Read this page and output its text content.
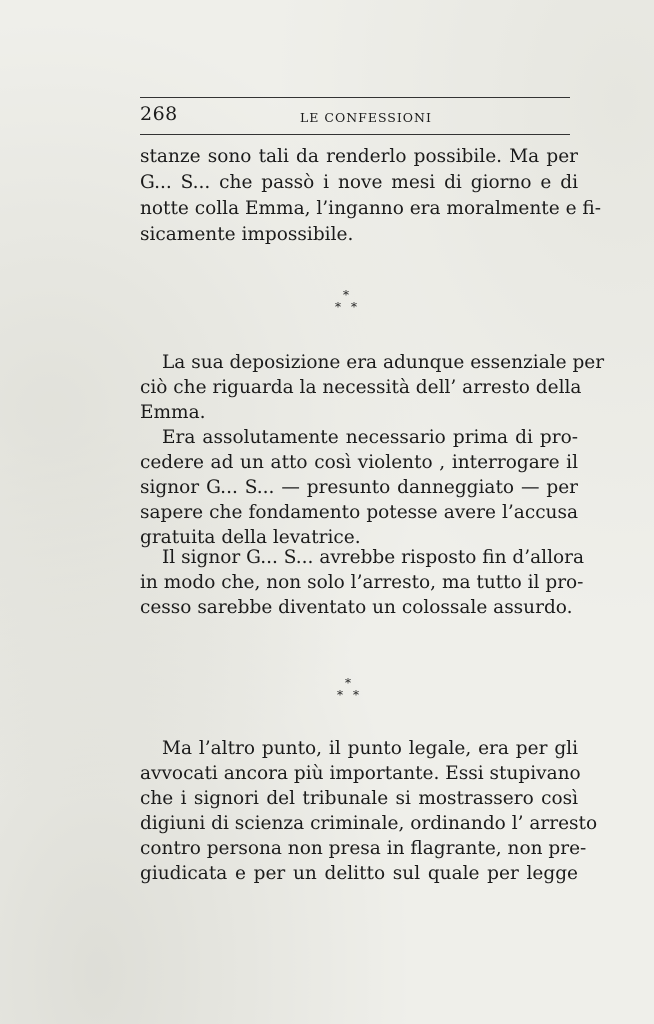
268	LE CONFESSIONI
stanze sono tali da renderlo possibile. Ma per
G... S... che passò i nove mesi di giorno e di
notte colla Emma, l’inganno era moralmente e fi-
sicamente impossibile.
*
* *
La sua deposizione era adunque essenziale per
ciò che riguarda la necessità dell’ arresto della
Emma.
Era assolutamente necessario prima di pro-
cedere ad un atto così violento , interrogare il
signor G... S... — presunto danneggiato — per
sapere che fondamento potesse avere l’accusa
gratuita della levatrice.
Il signor G... S... avrebbe risposto fin d’allora
in modo che, non solo l’arresto, ma tutto il pro-
cesso sarebbe diventato un colossale assurdo.
*
* *
Ma l’altro punto, il punto legale, era per gli
avvocati ancora più importante. Essi stupivano
che i signori del tribunale si mostrassero così
digiuni di scienza criminale, ordinando l’ arresto
contro persona non presa in flagrante, non pre-
giudicata e per un delitto sul quale per legge
